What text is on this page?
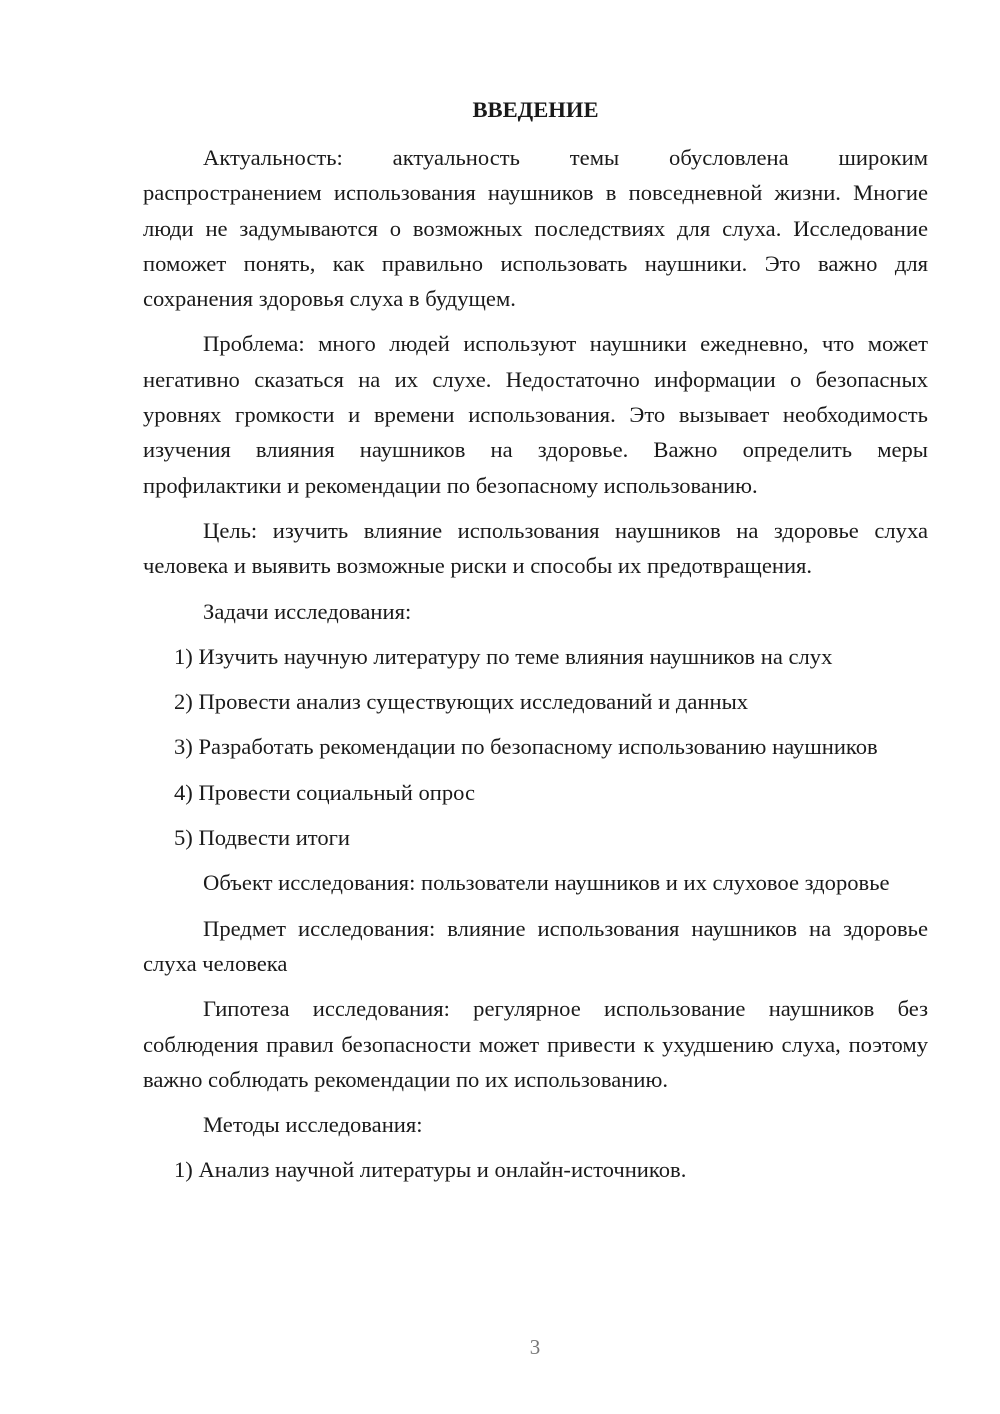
ВВЕДЕНИЕ

Актуальность: актуальность темы обусловлена широким распространением использования наушников в повседневной жизни. Многие люди не задумываются о возможных последствиях для слуха. Исследование поможет понять, как правильно использовать наушники. Это важно для сохранения здоровья слуха в будущем.

Проблема: много людей используют наушники ежедневно, что может негативно сказаться на их слухе. Недостаточно информации о безопасных уровнях громкости и времени использования. Это вызывает необходимость изучения влияния наушников на здоровье. Важно определить меры профилактики и рекомендации по безопасному использованию.

Цель: изучить влияние использования наушников на здоровье слуха человека и выявить возможные риски и способы их предотвращения.

Задачи исследования:

1) Изучить научную литературу по теме влияния наушников на слух

2) Провести анализ существующих исследований и данных

3) Разработать рекомендации по безопасному использованию наушников

4) Провести социальный опрос

5) Подвести итоги

Объект исследования: пользователи наушников и их слуховое здоровье

Предмет исследования: влияние использования наушников на здоровье слуха человека

Гипотеза исследования: регулярное использование наушников без соблюдения правил безопасности может привести к ухудшению слуха, поэтому важно соблюдать рекомендации по их использованию.

Методы исследования:

1) Анализ научной литературы и онлайн-источников.

3
